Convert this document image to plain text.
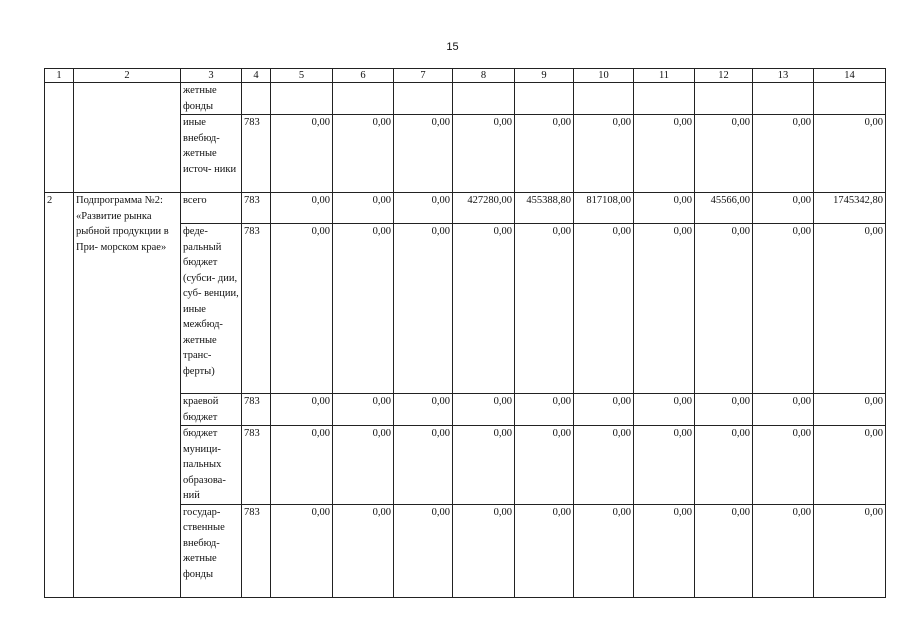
15
1	2	3	4	5	6	7	8	9	10	11	12	13	14
		жетные фонды											
		иные внебюд- жетные источ- ники	783	0,00	0,00	0,00	0,00	0,00	0,00	0,00	0,00	0,00	0,00
2	Подпрограмма №2: «Развитие рынка рыбной продукции в При- морском крае»	всего	783	0,00	0,00	0,00	427280,00	455388,80	817108,00	0,00	45566,00	0,00	1745342,80
		феде- ральный бюджет (субси- дии, суб- венции, иные межбюд- жетные транс- ферты)	783	0,00	0,00	0,00	0,00	0,00	0,00	0,00	0,00	0,00	0,00
		краевой бюджет	783	0,00	0,00	0,00	0,00	0,00	0,00	0,00	0,00	0,00	0,00
		бюджет муници- пальных образова- ний	783	0,00	0,00	0,00	0,00	0,00	0,00	0,00	0,00	0,00	0,00
		государ- ственные внебюд- жетные фонды	783	0,00	0,00	0,00	0,00	0,00	0,00	0,00	0,00	0,00	0,00
